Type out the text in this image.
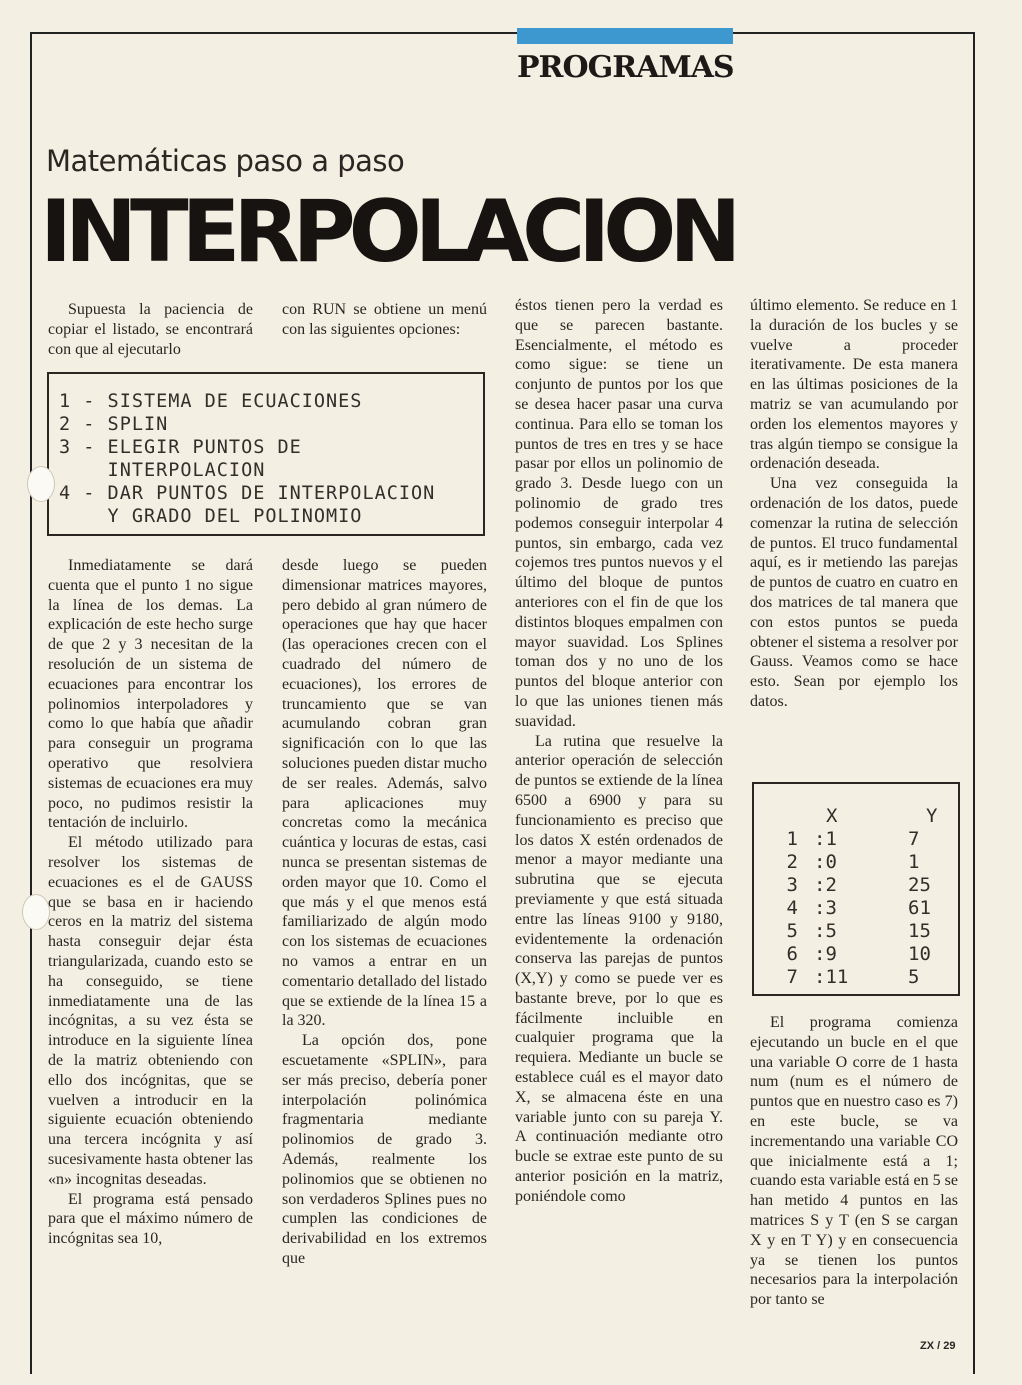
PROGRAMAS
Matemáticas paso a paso
INTERPOLACION

Supuesta la paciencia de copiar el listado, se encontrará con que al ejecutarlo

con RUN se obtiene un menú con las siguientes opciones:

1 - SISTEMA DE ECUACIONES
2 - SPLIN
3 - ELEGIR PUNTOS DE
INTERPOLACION
4 - DAR PUNTOS DE INTERPOLACION
Y GRADO DEL POLINOMIO

Inmediatamente se dará cuenta que el punto 1 no sigue la línea de los demas. La explicación de este hecho surge de que 2 y 3 necesitan de la resolución de un sistema de ecuaciones para encontrar los polinomios interpoladores y como lo que había que añadir para conseguir un programa operativo que resolviera sistemas de ecuaciones era muy poco, no pudimos resistir la tentación de incluirlo.

El método utilizado para resolver los sistemas de ecuaciones es el de GAUSS que se basa en ir haciendo ceros en la matriz del sistema hasta conseguir dejar ésta triangularizada, cuando esto se ha conseguido, se tiene inmediatamente una de las incógnitas, a su vez ésta se introduce en la siguiente línea de la matriz obteniendo con ello dos incógnitas, que se vuelven a introducir en la siguiente ecuación obteniendo una tercera incógnita y así sucesivamente hasta obtener las «n» incognitas deseadas.

El programa está pensado para que el máximo número de incógnitas sea 10,

desde luego se pueden dimensionar matrices mayores, pero debido al gran número de operaciones que hay que hacer (las operaciones crecen con el cuadrado del número de ecuaciones), los errores de truncamiento que se van acumulando cobran gran significación con lo que las soluciones pueden distar mucho de ser reales. Además, salvo para aplicaciones muy concretas como la mecánica cuántica y locuras de estas, casi nunca se presentan sistemas de orden mayor que 10. Como el que más y el que menos está familiarizado de algún modo con los sistemas de ecuaciones no vamos a entrar en un comentario detallado del listado que se extiende de la línea 15 a la 320.

La opción dos, pone escuetamente «SPLIN», para ser más preciso, debería poner interpolación polinómica fragmentaria mediante polinomios de grado 3. Además, realmente los polinomios que se obtienen no son verdaderos Splines pues no cumplen las condiciones de derivabilidad en los extremos que

éstos tienen pero la verdad es que se parecen bastante. Esencialmente, el método es como sigue: se tiene un conjunto de puntos por los que se desea hacer pasar una curva continua. Para ello se toman los puntos de tres en tres y se hace pasar por ellos un polinomio de grado 3. Desde luego con un polinomio de grado tres podemos conseguir interpolar 4 puntos, sin embargo, cada vez cojemos tres puntos nuevos y el último del bloque de puntos anteriores con el fin de que los distintos bloques empalmen con mayor suavidad. Los Splines toman dos y no uno de los puntos del bloque anterior con lo que las uniones tienen más suavidad.

La rutina que resuelve la anterior operación de selección de puntos se extiende de la línea 6500 a 6900 y para su funcionamiento es preciso que los datos X estén ordenados de menor a mayor mediante una subrutina que se ejecuta previamente y que está situada entre las líneas 9100 y 9180, evidentemente la ordenación conserva las parejas de puntos (X,Y) y como se puede ver es bastante breve, por lo que es fácilmente incluible en cualquier programa que la requiera. Mediante un bucle se establece cuál es el mayor dato X, se almacena éste en una variable junto con su pareja Y. A continuación mediante otro bucle se extrae este punto de su anterior posición en la matriz, poniéndole como

último elemento. Se reduce en 1 la duración de los bucles y se vuelve a proceder iterativamente. De esta manera en las últimas posiciones de la matriz se van acumulando por orden los elementos mayores y tras algún tiempo se consigue la ordenación deseada.

Una vez conseguida la ordenación de los datos, puede comenzar la rutina de selección de puntos. El truco fundamental aquí, es ir metiendo las parejas de puntos de cuatro en cuatro en dos matrices de tal manera que con estos puntos se pueda obtener el sistema a resolver por Gauss. Veamos como se hace esto. Sean por ejemplo los datos.

	X	Y
1	:1	7
2	:0	1
3	:2	25
4	:3	61
5	:5	15
6	:9	10
7	:11	5

El programa comienza ejecutando un bucle en el que una variable O corre de 1 hasta num (num es el número de puntos que en nuestro caso es 7) en este bucle, se va incrementando una variable CO que inicialmente está a 1; cuando esta variable está en 5 se han metido 4 puntos en las matrices S y T (en S se cargan X y en T Y) y en consecuencia ya se tienen los puntos necesarios para la interpolación por tanto se

ZX / 29
